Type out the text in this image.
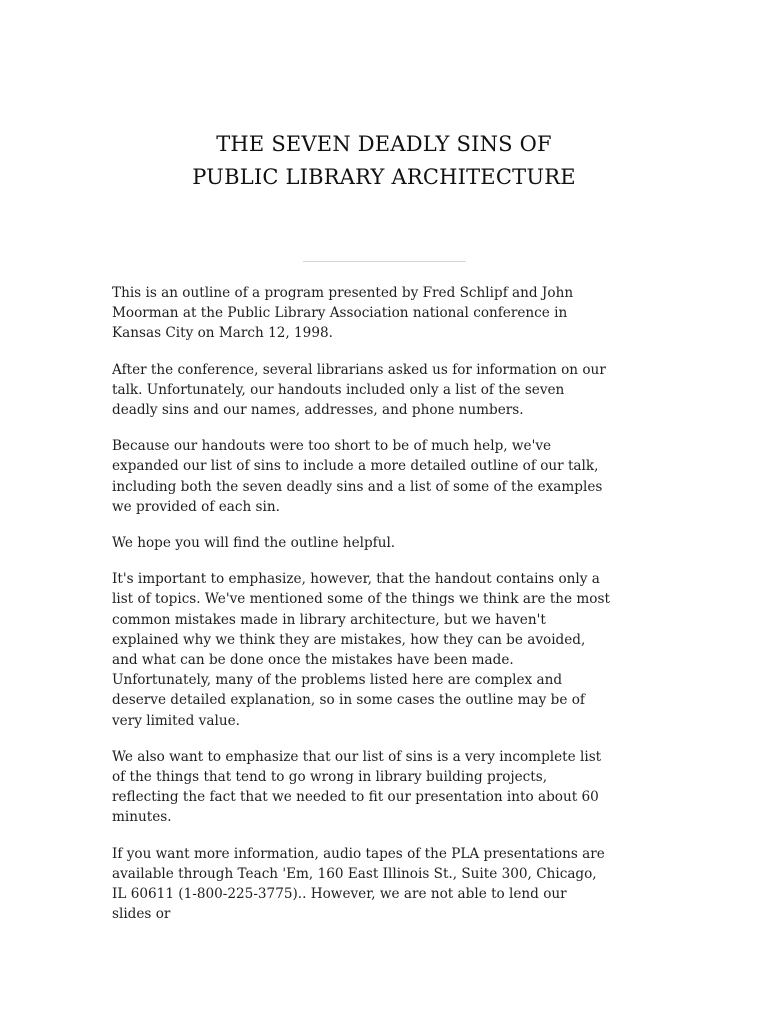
THE SEVEN DEADLY SINS OF
PUBLIC LIBRARY ARCHITECTURE

This is an outline of a program presented by Fred Schlipf and John Moorman at the Public Library Association national conference in Kansas City on March 12, 1998.

After the conference, several librarians asked us for information on our talk. Unfortunately, our handouts included only a list of the seven deadly sins and our names, addresses, and phone numbers.

Because our handouts were too short to be of much help, we've expanded our list of sins to include a more detailed outline of our talk, including both the seven deadly sins and a list of some of the examples we provided of each sin.

We hope you will find the outline helpful.

It's important to emphasize, however, that the handout contains only a list of topics. We've mentioned some of the things we think are the most common mistakes made in library architecture, but we haven't explained why we think they are mistakes, how they can be avoided, and what can be done once the mistakes have been made. Unfortunately, many of the problems listed here are complex and deserve detailed explanation, so in some cases the outline may be of very limited value.

We also want to emphasize that our list of sins is a very incomplete list of the things that tend to go wrong in library building projects, reflecting the fact that we needed to fit our presentation into about 60 minutes.

If you want more information, audio tapes of the PLA presentations are available through Teach 'Em, 160 East Illinois St., Suite 300, Chicago, IL 60611 (1-800-225-3775).. However, we are not able to lend our slides or
